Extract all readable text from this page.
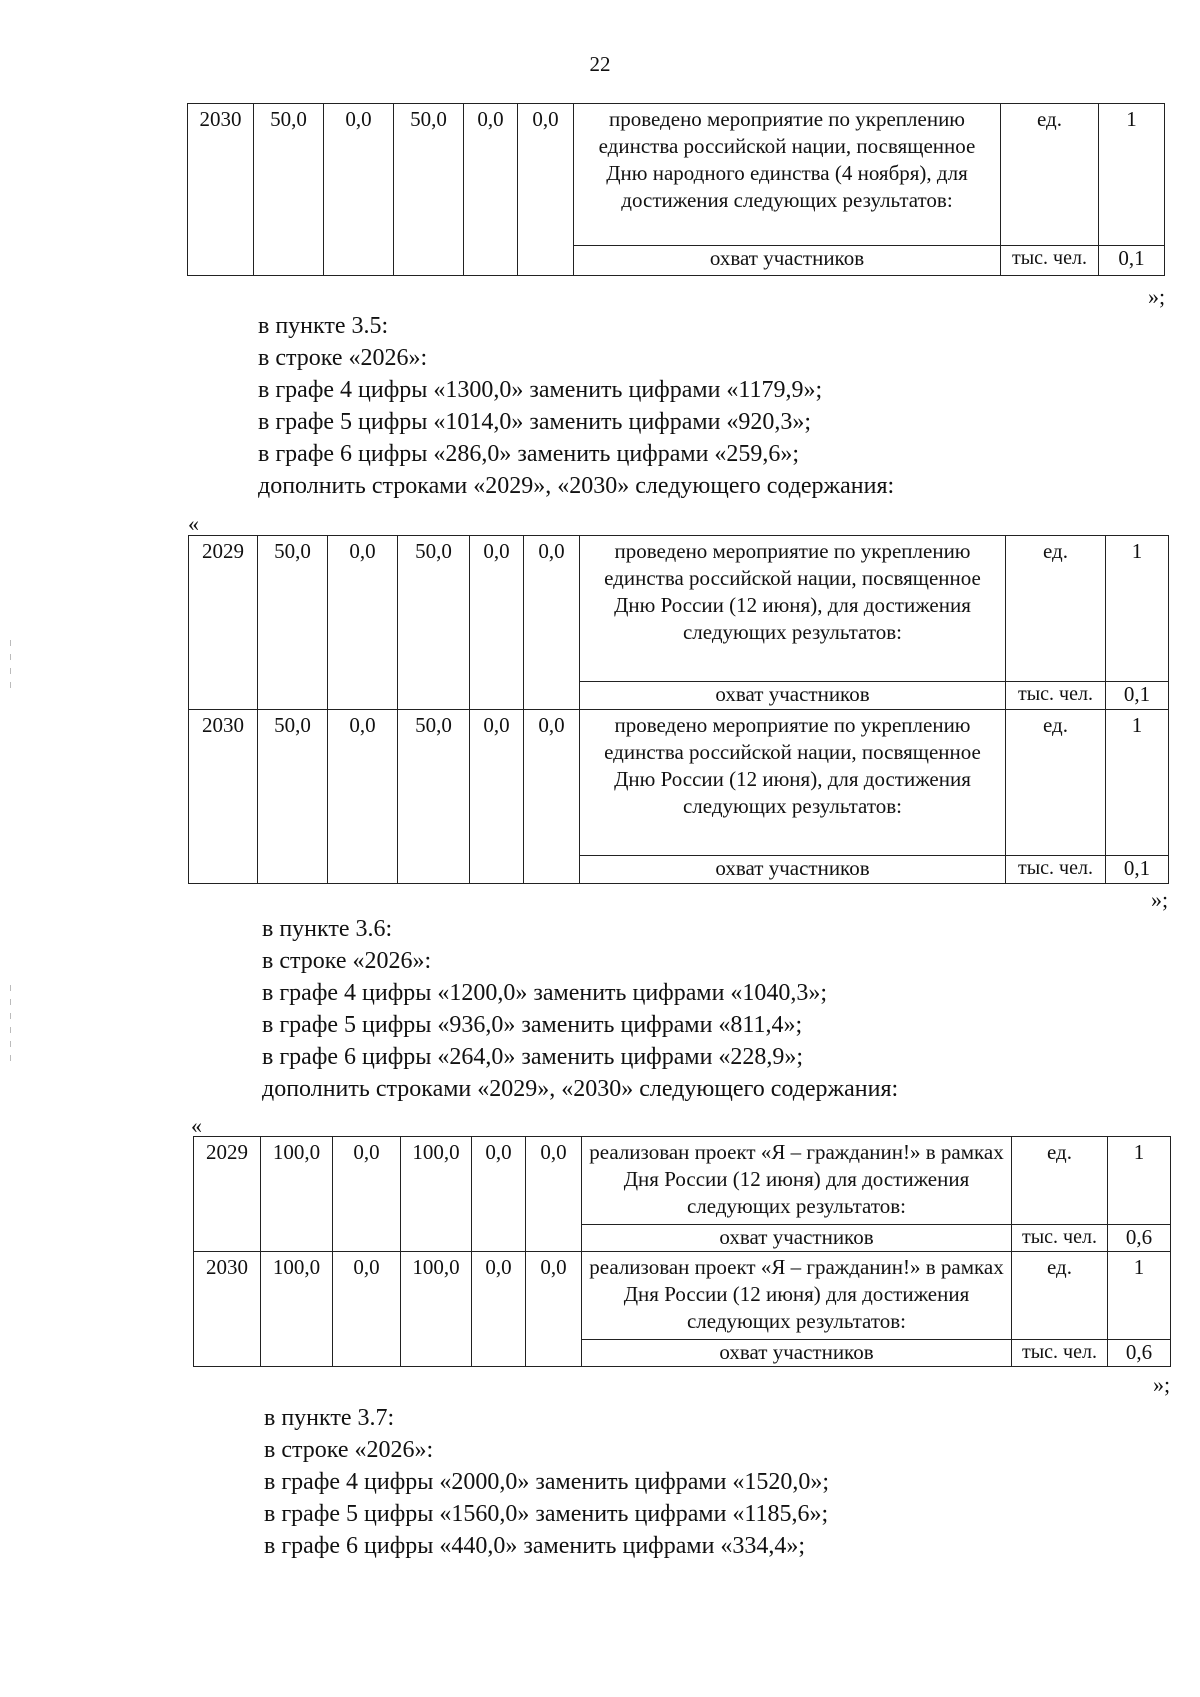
22
2030	50,0	0,0	50,0	0,0	0,0	проведено мероприятие по укреплению единства российской нации, посвященное Дню народного единства (4 ноября), для достижения следующих результатов:	ед.	1
						охват участников	тыс. чел.	0,1
»;
в пункте 3.5:
в строке «2026»:
в графе 4 цифры «1300,0» заменить цифрами «1179,9»;
в графе 5 цифры «1014,0» заменить цифрами «920,3»;
в графе 6 цифры «286,0» заменить цифрами «259,6»;
дополнить строками «2029», «2030» следующего содержания:
«
2029	50,0	0,0	50,0	0,0	0,0	проведено мероприятие по укреплению единства российской нации, посвященное Дню России (12 июня), для достижения следующих результатов:	ед.	1
						охват участников	тыс. чел.	0,1
2030	50,0	0,0	50,0	0,0	0,0	проведено мероприятие по укреплению единства российской нации, посвященное Дню России (12 июня), для достижения следующих результатов:	ед.	1
						охват участников	тыс. чел.	0,1
»;
в пункте 3.6:
в строке «2026»:
в графе 4 цифры «1200,0» заменить цифрами «1040,3»;
в графе 5 цифры «936,0» заменить цифрами «811,4»;
в графе 6 цифры «264,0» заменить цифрами «228,9»;
дополнить строками «2029», «2030» следующего содержания:
«
2029	100,0	0,0	100,0	0,0	0,0	реализован проект «Я – гражданин!» в рамках Дня России (12 июня) для достижения следующих результатов:	ед.	1
						охват участников	тыс. чел.	0,6
2030	100,0	0,0	100,0	0,0	0,0	реализован проект «Я – гражданин!» в рамках Дня России (12 июня) для достижения следующих результатов:	ед.	1
						охват участников	тыс. чел.	0,6
»;
в пункте 3.7:
в строке «2026»:
в графе 4 цифры «2000,0» заменить цифрами «1520,0»;
в графе 5 цифры «1560,0» заменить цифрами «1185,6»;
в графе 6 цифры «440,0» заменить цифрами «334,4»;
